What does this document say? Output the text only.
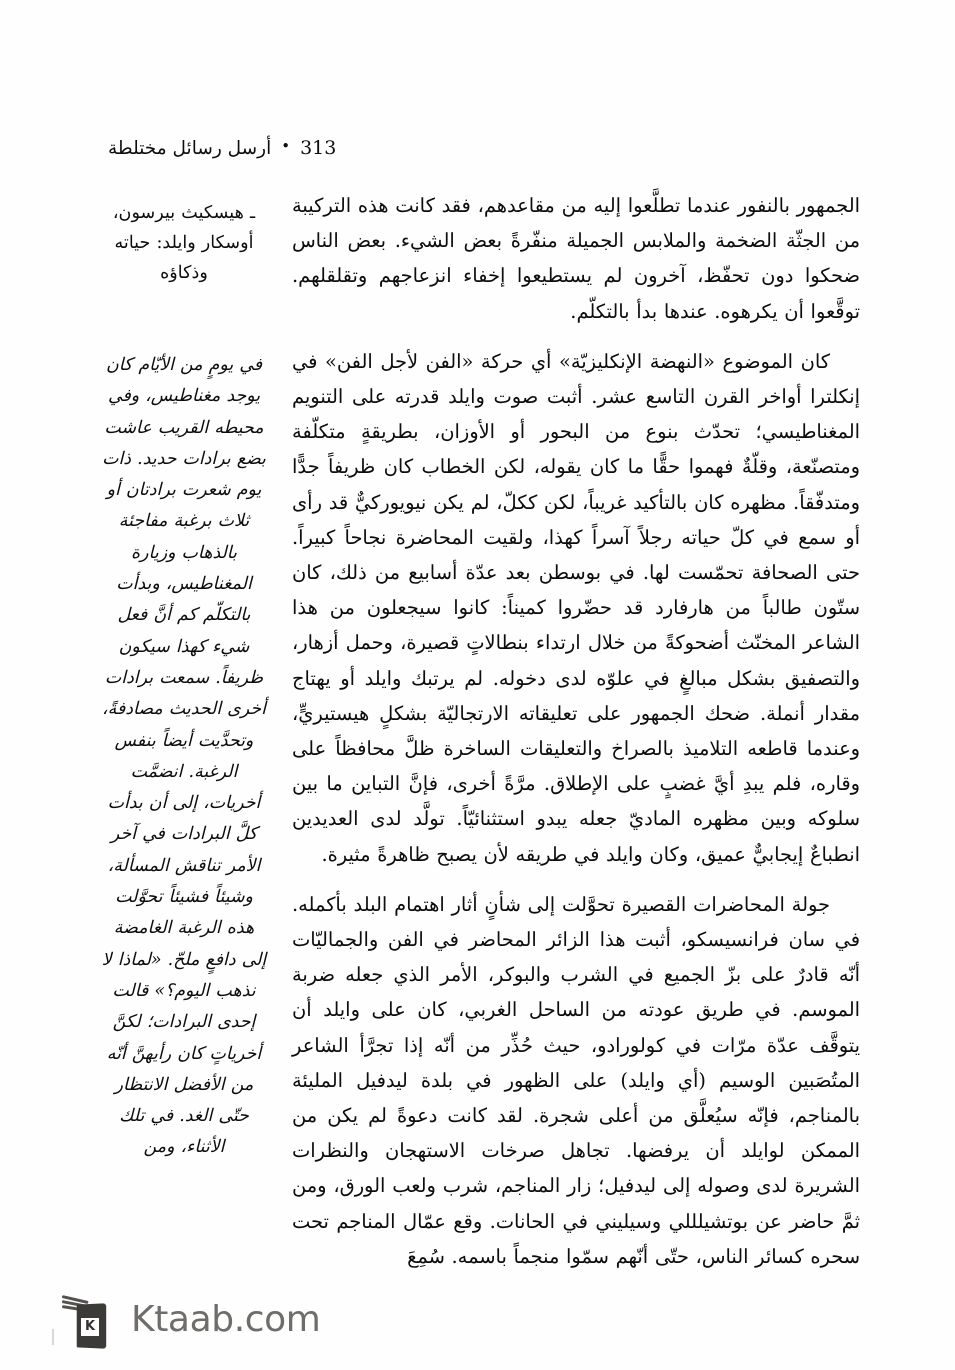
أرسل رسائل مختلطة • 313

الجمهور بالنفور عندما تطلَّعوا إليه من مقاعدهم، فقد كانت هذه التركيبة من الجثّة الضخمة والملابس الجميلة منفّرةً بعض الشيء. بعض الناس ضحكوا دون تحفّظ، آخرون لم يستطيعوا إخفاء انزعاجهم وتقلقلهم. توقَّعوا أن يكرهوه. عندها بدأ بالتكلّم.

كان الموضوع «النهضة الإنكليزيّة» أي حركة «الفن لأجل الفن» في إنكلترا أواخر القرن التاسع عشر. أثبت صوت وايلد قدرته على التنويم المغناطيسي؛ تحدّث بنوع من البحور أو الأوزان، بطريقةٍ متكلّفة ومتصنّعة، وقلّةٌ فهموا حقًّا ما كان يقوله، لكن الخطاب كان ظريفاً جدًّا ومتدفّقاً. مظهره كان بالتأكيد غريباً، لكن ككلّ، لم يكن نيويوركيٌّ قد رأى أو سمع في كلّ حياته رجلاً آسراً كهذا، ولقيت المحاضرة نجاحاً كبيراً. حتى الصحافة تحمّست لها. في بوسطن بعد عدّة أسابيع من ذلك، كان ستّون طالباً من هارفارد قد حضّروا كميناً: كانوا سيجعلون من هذا الشاعر المخنّث أضحوكةً من خلال ارتداء بنطالاتٍ قصيرة، وحمل أزهار، والتصفيق بشكل مبالغٍ في علوّه لدى دخوله. لم يرتبك وايلد أو يهتاج مقدار أنملة. ضحك الجمهور على تعليقاته الارتجاليّة بشكلٍ هيستيريٍّ، وعندما قاطعه التلاميذ بالصراخ والتعليقات الساخرة ظلَّ محافظاً على وقاره، فلم يبدِ أيَّ غضبٍ على الإطلاق. مرَّةً أخرى، فإنَّ التباين ما بين سلوكه وبين مظهره الماديّ جعله يبدو استثنائيّاً. تولَّد لدى العديدين انطباعٌ إيجابيٌّ عميق، وكان وايلد في طريقه لأن يصبح ظاهرةً مثيرة.

جولة المحاضرات القصيرة تحوَّلت إلى شأنٍ أثار اهتمام البلد بأكمله. في سان فرانسيسكو، أثبت هذا الزائر المحاضر في الفن والجماليّات أنّه قادرٌ على بزّ الجميع في الشرب والبوكر، الأمر الذي جعله ضربة الموسم. في طريق عودته من الساحل الغربي، كان على وايلد أن يتوقَّف عدّة مرّات في كولورادو، حيث حُذِّر من أنّه إذا تجرَّأ الشاعر المتُصَبين الوسيم (أي وايلد) على الظهور في بلدة ليدفيل المليئة بالمناجم، فإنّه سيُعلَّق من أعلى شجرة. لقد كانت دعوةً لم يكن من الممكن لوايلد أن يرفضها. تجاهل صرخات الاستهجان والنظرات الشريرة لدى وصوله إلى ليدفيل؛ زار المناجم، شرب ولعب الورق، ومن ثمَّ حاضر عن بوتشيلللي وسيليني في الحانات. وقع عمّال المناجم تحت سحره كسائر الناس، حتّى أنّهم سمّوا منجماً باسمه. سُمِعَ

ـ هيسكيث بيرسون، أوسكار وايلد: حياته وذكاؤه

في يومٍ من الأيّام كان يوجد مغناطيس، وفي محيطه القريب عاشت بضع برادات حديد. ذات يوم شعرت برادتان أو ثلاث برغبة مفاجئة بالذهاب وزيارة المغناطيس، وبدأت بالتكلّم كم أنَّ فعل شيء كهذا سيكون ظريفاً. سمعت برادات أخرى الحديث مصادفةً، وتحدَّيت أيضاً بنفس الرغبة. انضمَّت أخريات، إلى أن بدأت كلَّ البرادات في آخر الأمر تناقش المسألة، وشيئاً فشيئاً تحوَّلت هذه الرغبة الغامضة إلى دافعٍ ملحّ. «لماذا لا نذهب اليوم؟» قالت إحدى البرادات؛ لكنَّ أخرياتٍ كان رأيهنَّ أنّه من الأفضل الانتظار حتّى الغد. في تلك الأثناء، ومن

K Ktaab.com
